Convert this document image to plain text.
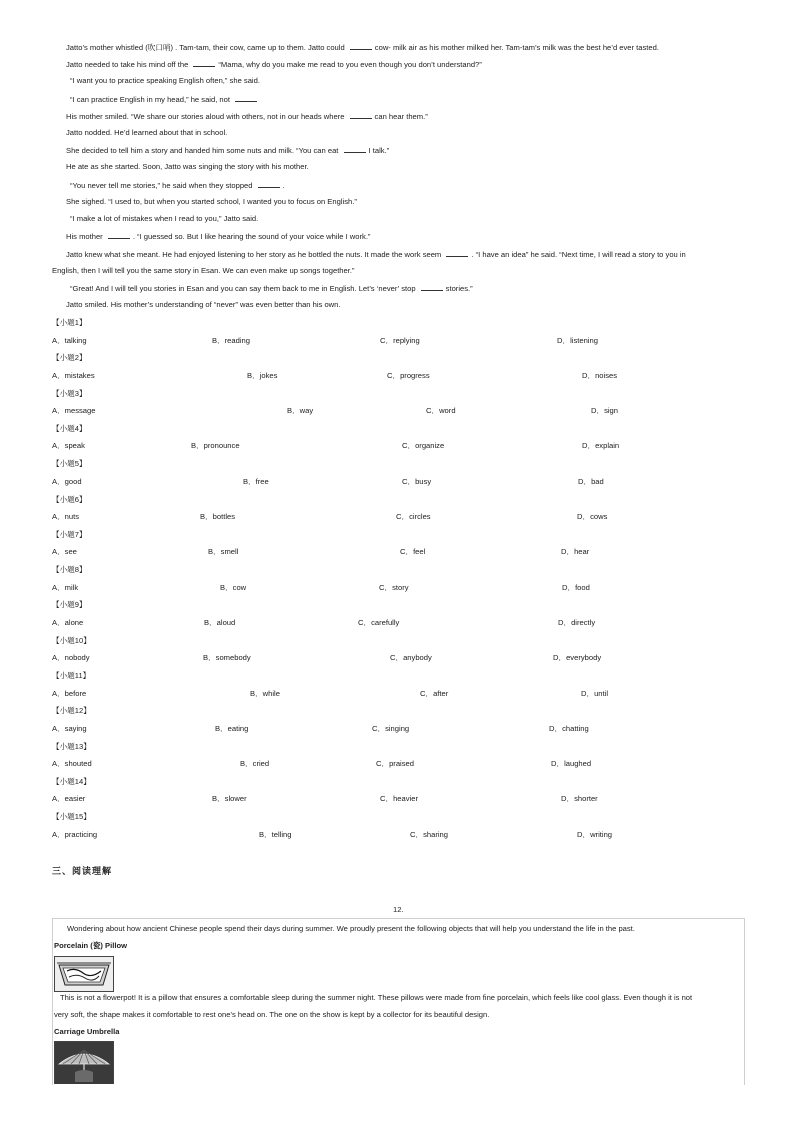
Jatto’s mother whistled (吹口哨) . Tam-tam, their cow, came up to them. Jatto could	cow- milk air as his mother milked her. Tam-tam’s milk was the best he’d ever tasted.
Jatto needed to take his mind off the	“Mama, why do you make me read to you even though you don’t understand?”
“I want you to practice speaking English often,” she said.
“I can practice English in my head,” he said, not
His mother smiled. “We share our stories aloud with others, not in our heads where	can hear them.”
Jatto nodded. He’d learned about that in school.
She decided to tell him a story and handed him some nuts and milk. “You can eat	I talk.”
He ate as she started. Soon, Jatto was singing the story with his mother.
“You never tell me stories,” he said when they stopped	.
She sighed. “I used to, but when you started school, I wanted you to focus on English.”
“I make a lot of mistakes when I read to you,” Jatto said.
His mother	. “I guessed so. But I like hearing the sound of your voice while I work.”
Jatto knew what she meant. He had enjoyed listening to her story as he bottled the nuts. It made the work seem	. “I have an idea” he said. “Next time, I will read a story to you in
English, then I will tell you the same story in Esan. We can even make up songs together.”
“Great! And I will tell you stories in Esan and you can say them back to me in English. Let’s ‘never’ stop	stories.”
Jatto smiled. His mother’s understanding of “never” was even better than his own.
【小题1】
A．talking	B．reading	C．replying	D．listening
【小题2】
A．mistakes	B．jokes	C．progress	D．noises
【小题3】
A．message	B．way	C．word	D．sign
【小题4】
A．speak	B．pronounce	C．organize	D．explain
【小题5】
A．good	B．free	C．busy	D．bad
【小题6】
A．nuts	B．bottles	C．circles	D．cows
【小题7】
A．see	B．smell	C．feel	D．hear
【小题8】
A．milk	B．cow	C．story	D．food
【小题9】
A．alone	B．aloud	C．carefully	D．directly
【小题10】
A．nobody	B．somebody	C．anybody	D．everybody
【小题11】
A．before	B．while	C．after	D．until
【小题12】
A．saying	B．eating	C．singing	D．chatting
【小题13】
A．shouted	B．cried	C．praised	D．laughed
【小题14】
A．easier	B．slower	C．heavier	D．shorter
【小题15】
A．practicing	B．telling	C．sharing	D．writing
三、阅读理解
12.
Wondering about how ancient Chinese people spend their days during summer. We proudly present the following objects that will help you understand the life in the past.
Porcelain (瓷) Pillow
This is not a flowerpot! It is a pillow that ensures a comfortable sleep during the summer night. These pillows were made from fine porcelain, which feels like cool glass. Even though it is not
very soft, the shape makes it comfortable to rest one’s head on. The one on the show is kept by a collector for its beautiful design.
Carriage Umbrella
